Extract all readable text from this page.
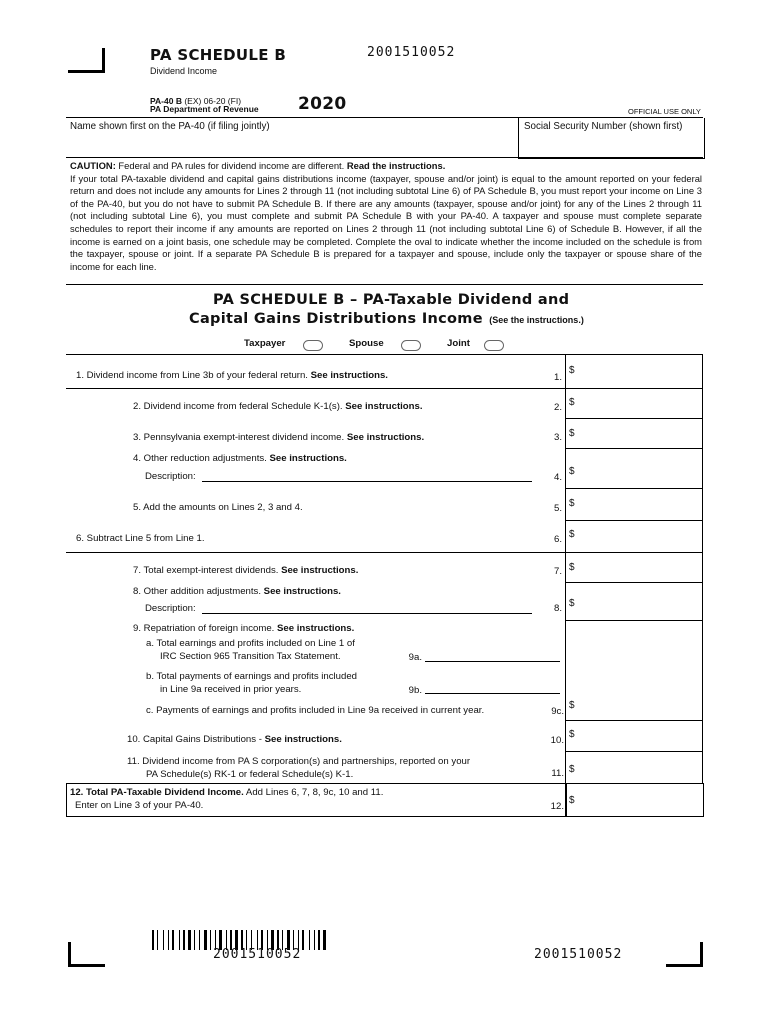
PA SCHEDULE B	2001510052
Dividend Income
PA-40 B (EX) 06-20 (FI)
PA Department of Revenue 2020	OFFICIAL USE ONLY
Name shown first on the PA-40 (if filing jointly)	Social Security Number (shown first)
CAUTION: Federal and PA rules for dividend income are different. Read the instructions.
If your total PA-taxable dividend and capital gains distributions income (taxpayer, spouse and/or joint) is equal to the amount reported on your federal return and does not include any amounts for Lines 2 through 11 (not including subtotal Line 6) of PA Schedule B, you must report your income on Line 3 of the PA-40, but you do not have to submit PA Schedule B. If there are any amounts (taxpayer, spouse and/or joint) for any of the Lines 2 through 11 (not including subtotal Line 6), you must complete and submit PA Schedule B with your PA-40. A taxpayer and spouse must complete separate schedules to report their income if any amounts are reported on Lines 2 through 11 (not including subtotal Line 6) of Schedule B. However, if all the income is earned on a joint basis, one schedule may be completed. Complete the oval to indicate whether the income included on the schedule is from the taxpayer, spouse or joint. If a separate PA Schedule B is prepared for a taxpayer and spouse, include only the taxpayer or spouse share of the income for each line.
PA SCHEDULE B – PA-Taxable Dividend and
Capital Gains Distributions Income (See the instructions.)
Taxpayer	Spouse	Joint
1. Dividend income from Line 3b of your federal return. See instructions.	1.
$
2. Dividend income from federal Schedule K-1(s). See instructions.	2. $
3. Pennsylvania exempt-interest dividend income. See instructions.	3. $
4. Other reduction adjustments. See instructions.
Description:	4.
$
5. Add the amounts on Lines 2, 3 and 4.	5. $
6. Subtract Line 5 from Line 1.	6. $
7. Total exempt-interest dividends. See instructions.	7. $
8. Other addition adjustments. See instructions.
Description:	8. $
9. Repatriation of foreign income. See instructions.
a. Total earnings and profits included on Line 1 of
IRC Section 965 Transition Tax Statement.	9a.
b. Total payments of earnings and profits included
in Line 9a received in prior years.	9b.
c. Payments of earnings and profits included in Line 9a received in current year.	9c.
$
10. Capital Gains Distributions - See instructions.	10.
$
11. Dividend income from PA S corporation(s) and partnerships, reported on your
PA Schedule(s) RK-1 or federal Schedule(s) K-1.	11. $
12. Total PA-Taxable Dividend Income. Add Lines 6, 7, 8, 9c, 10 and 11.
Enter on Line 3 of your PA-40.	12.
$
2001510052	2001510052
